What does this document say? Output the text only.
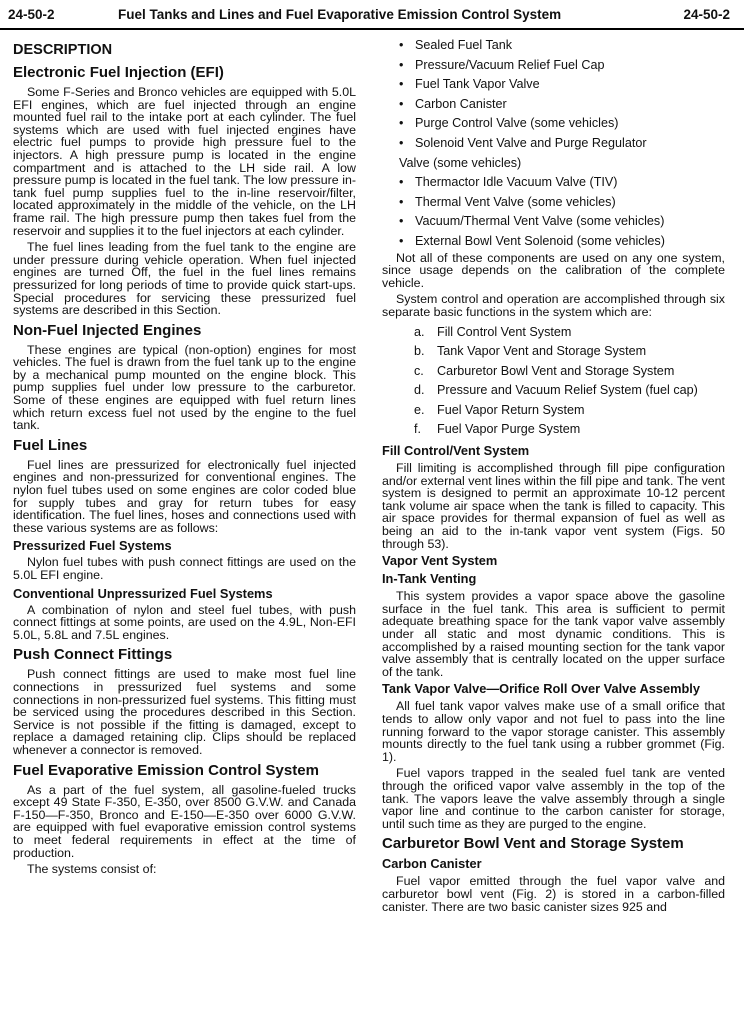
24-50-2	Fuel Tanks and Lines and Fuel Evaporative Emission Control System	24-50-2
DESCRIPTION
Electronic Fuel Injection (EFI)

Some F-Series and Bronco vehicles are equipped with 5.0L EFI engines, which are fuel injected through an engine mounted fuel rail to the intake port at each cylinder. The fuel systems which are used with fuel injected engines have electric fuel pumps to provide high pressure fuel to the injectors. A high pressure pump is located in the engine compartment and is attached to the LH side rail. A low pressure pump is located in the fuel tank. The low pressure in-tank fuel pump supplies fuel to the in-line reservoir/filter, located approximately in the middle of the vehicle, on the LH frame rail. The high pressure pump then takes fuel from the reservoir and supplies it to the fuel injectors at each cylinder.

The fuel lines leading from the fuel tank to the engine are under pressure during vehicle operation. When fuel injected engines are turned Off, the fuel in the fuel lines remains pressurized for long periods of time to provide quick start-ups. Special procedures for servicing these pressurized fuel systems are described in this Section.

Non-Fuel Injected Engines

These engines are typical (non-option) engines for most vehicles. The fuel is drawn from the fuel tank up to the engine by a mechanical pump mounted on the engine block. This pump supplies fuel under low pressure to the carburetor. Some of these engines are equipped with fuel return lines which return excess fuel not used by the engine to the fuel tank.

Fuel Lines

Fuel lines are pressurized for electronically fuel injected engines and non-pressurized for conventional engines. The nylon fuel tubes used on some engines are color coded blue for supply tubes and gray for return tubes for easy identification. The fuel lines, hoses and connections used with these various systems are as follows:

Pressurized Fuel Systems

Nylon fuel tubes with push connect fittings are used on the 5.0L EFI engine.

Conventional Unpressurized Fuel Systems

A combination of nylon and steel fuel tubes, with push connect fittings at some points, are used on the 4.9L, Non-EFI 5.0L, 5.8L and 7.5L engines.

Push Connect Fittings

Push connect fittings are used to make most fuel line connections in pressurized fuel systems and some connections in non-pressurized fuel systems. This fitting must be serviced using the procedures described in this Section. Service is not possible if the fitting is damaged, except to replace a damaged retaining clip. Clips should be replaced whenever a connector is removed.

Fuel Evaporative Emission Control System

As a part of the fuel system, all gasoline-fueled trucks except 49 State F-350, E-350, over 8500 G.V.W. and Canada F-150—F-350, Bronco and E-150—E-350 over 6000 G.V.W. are equipped with fuel evaporative emission control systems to meet federal requirements in effect at the time of production.

The systems consist of:

• Sealed Fuel Tank
• Pressure/Vacuum Relief Fuel Cap
• Fuel Tank Vapor Valve
• Carbon Canister
• Purge Control Valve (some vehicles)
• Solenoid Vent Valve and Purge Regulator
Valve (some vehicles)
• Thermactor Idle Vacuum Valve (TIV)
• Thermal Vent Valve (some vehicles)
• Vacuum/Thermal Vent Valve (some vehicles)
• External Bowl Vent Solenoid (some vehicles)

Not all of these components are used on any one system, since usage depends on the calibration of the complete vehicle.

System control and operation are accomplished through six separate basic functions in the system which are:

a. Fill Control Vent System
b. Tank Vapor Vent and Storage System
c. Carburetor Bowl Vent and Storage System
d. Pressure and Vacuum Relief System (fuel cap)
e. Fuel Vapor Return System
f. Fuel Vapor Purge System
Fill Control/Vent System

Fill limiting is accomplished through fill pipe configuration and/or external vent lines within the fill pipe and tank. The vent system is designed to permit an approximate 10-12 percent tank volume air space when the tank is filled to capacity. This air space provides for thermal expansion of fuel as well as being an aid to the in-tank vapor vent system (Figs. 50 through 53).

Vapor Vent System
In-Tank Venting

This system provides a vapor space above the gasoline surface in the fuel tank. This area is sufficient to permit adequate breathing space for the tank vapor valve assembly under all static and most dynamic conditions. This is accomplished by a raised mounting section for the tank vapor valve assembly that is centrally located on the upper surface of the tank.

Tank Vapor Valve—Orifice Roll Over Valve Assembly

All fuel tank vapor valves make use of a small orifice that tends to allow only vapor and not fuel to pass into the line running forward to the vapor storage canister. This assembly mounts directly to the fuel tank using a rubber grommet (Fig. 1).

Fuel vapors trapped in the sealed fuel tank are vented through the orificed vapor valve assembly in the top of the tank. The vapors leave the valve assembly through a single vapor line and continue to the carbon canister for storage, until such time as they are purged to the engine.

Carburetor Bowl Vent and Storage System
Carbon Canister

Fuel vapor emitted through the fuel vapor valve and carburetor bowl vent (Fig. 2) is stored in a carbon-filled canister. There are two basic canister sizes 925 and
